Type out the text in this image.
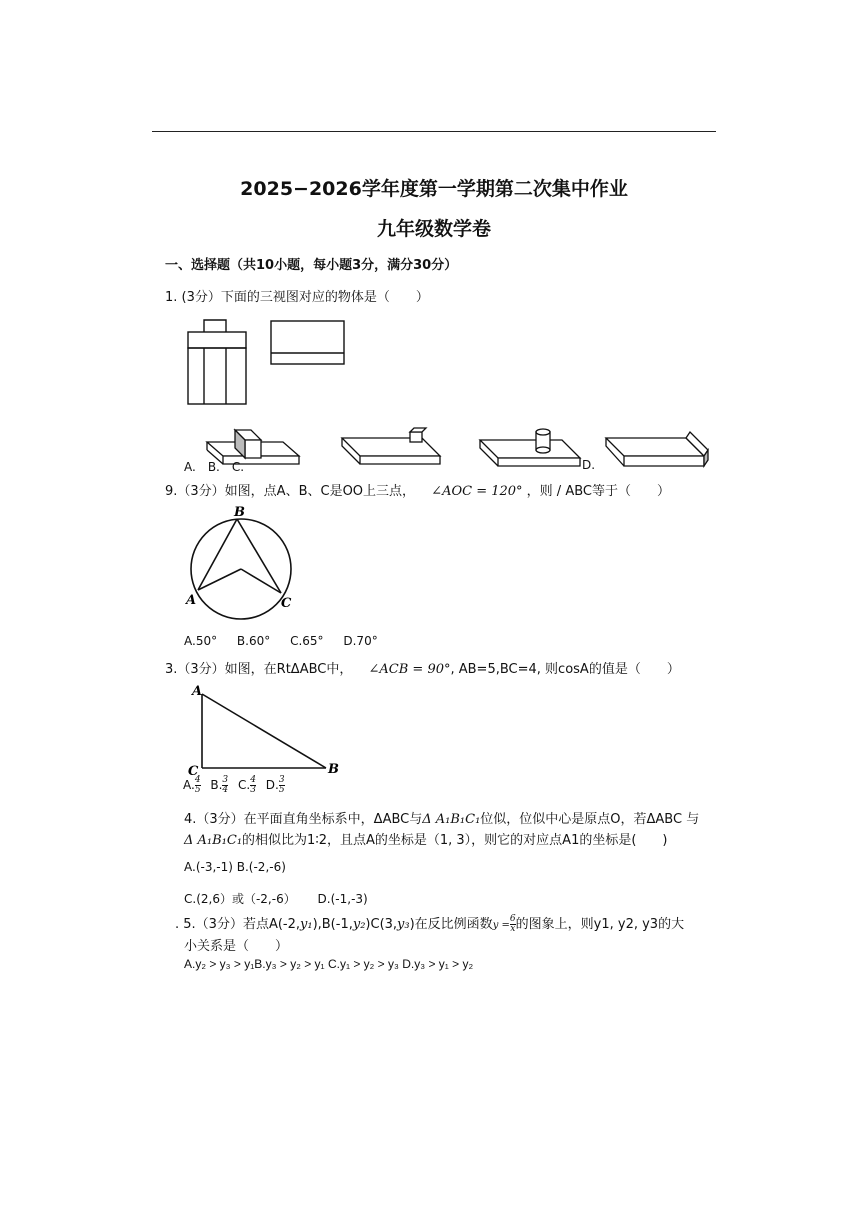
2025−2026学年度第一学期第二次集中作业
九年级数学卷
一、选择题（共10小题，每小题3分，满分30分）
1. (3分）下面的三视图对应的物体是（　　）
A.　B.　C.	D.
9.（3分）如图，点A、B、C是OO上三点， ∠AOC = 120° ，则 / ABC等于（　　）
B
A	C
A.50° B.60° C.65° D.70°
3.（3分）如图，在RtΔABC中， ∠ACB = 90°, AB=5,BC=4, 则cosA的值是（　　）
A
C	B
A. $\frac{4}{5} B$. $\frac{3}{4} C$. $\frac{4}{3} D$. $\frac{3}{5}$
4.（3分）在平面直角坐标系中，ΔABC与Δ A₁B₁C₁位似，位似中心是原点O，若ΔABC 与
Δ A₁B₁C₁的相似比为1∶2，且点A的坐标是（1, 3），则它的对应点A1的坐标是(　　)
A.(-3,-1) B.(-2,-6)
C.(2,6）或（-2,-6） D.(-1,-3)
. 5.（3分）若点A(-2,y₁),B(-1,y₂)C(3,y₃)在反比例函数$y = \frac{6}{x}$ 的图象上，则y1, y2, y3的大
小关系是（　　）
A.y₂ > y₃ > y₁B.y₃ > y₂ > y₁ C.y₁ > y₂ > y₃ D.y₃ > y₁ > y₂
